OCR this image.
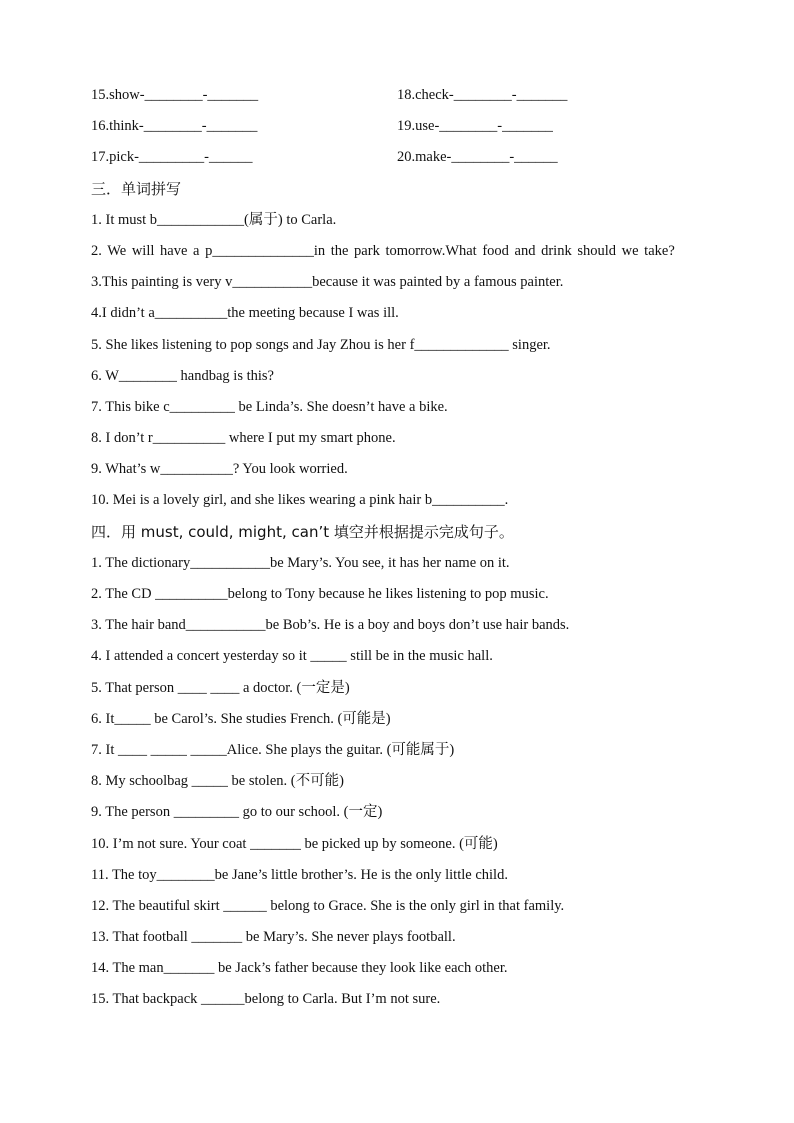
15.show-________-_______	18.check-________-_______
16.think-________-_______	19.use-________-_______
17.pick-_________-______	20.make-________-______
三．单词拼写
1. It must b____________(属于) to Carla.
2. We will have a p______________in the park tomorrow.What food and drink should we take?
3.This painting is very v___________because it was painted by a famous painter.
4.I didn’t a__________the meeting because I was ill.
5. She likes listening to pop songs and Jay Zhou is her f_____________ singer.
6. W________ handbag is this?
7. This bike c_________ be Linda’s. She doesn’t have a bike.
8. I don’t r__________ where I put my smart phone.
9. What’s w__________? You look worried.
10. Mei is a lovely girl, and she likes wearing a pink hair b__________.
四．用 must, could, might, can’t 填空并根据提示完成句子。
1. The dictionary___________be Mary’s. You see, it has her name on it.
2. The CD __________belong to Tony because he likes listening to pop music.
3. The hair band___________be Bob’s. He is a boy and boys don’t use hair bands.
4. I attended a concert yesterday so it _____ still be in the music hall.
5. That person ____ ____ a doctor. (一定是)
6. It_____ be Carol’s. She studies French. (可能是)
7. It ____ _____ _____Alice. She plays the guitar. (可能属于)
8. My schoolbag _____ be stolen. (不可能)
9. The person _________ go to our school. (一定)
10. I’m not sure. Your coat _______ be picked up by someone. (可能)
11. The toy________be Jane’s little brother’s. He is the only little child.
12. The beautiful skirt ______ belong to Grace. She is the only girl in that family.
13. That football _______ be Mary’s. She never plays football.
14. The man_______ be Jack’s father because they look like each other.
15. That backpack ______belong to Carla. But I’m not sure.
